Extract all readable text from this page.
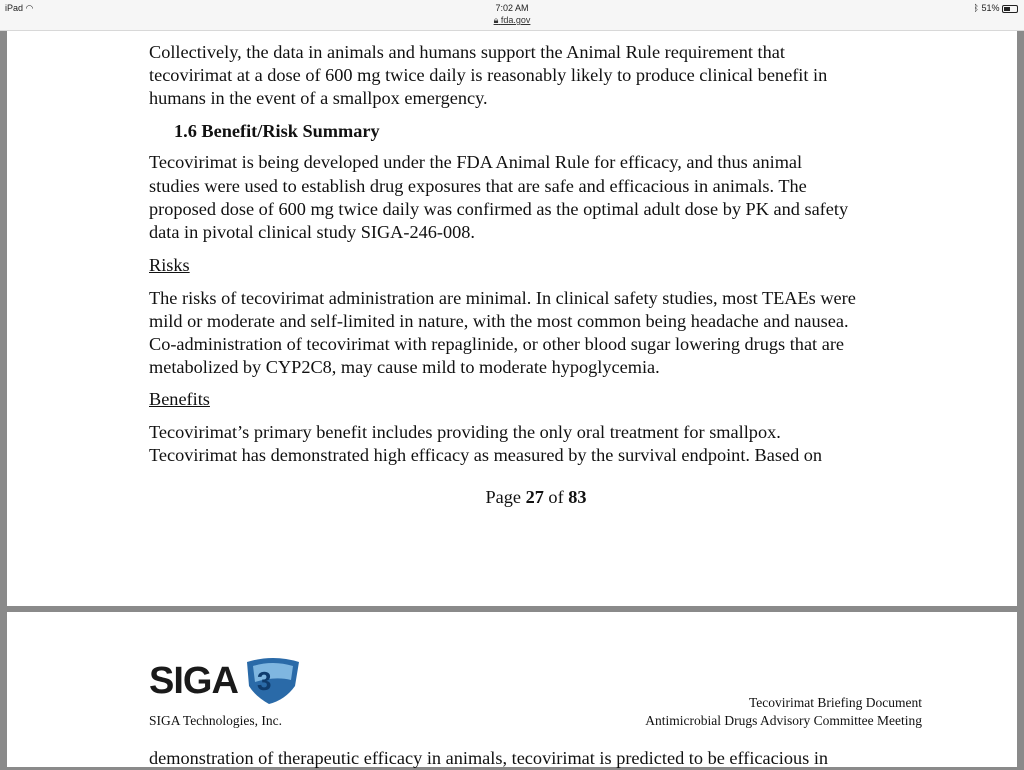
iPad ◠	7:02 AM
🔒︎ fda.gov
ᛒ 51%
Collectively, the data in animals and humans support the Animal Rule requirement that
tecovirimat at a dose of 600 mg twice daily is reasonably likely to produce clinical benefit in
humans in the event of a smallpox emergency.
1.6 Benefit/Risk Summary
Tecovirimat is being developed under the FDA Animal Rule for efficacy, and thus animal
studies were used to establish drug exposures that are safe and efficacious in animals. The
proposed dose of 600 mg twice daily was confirmed as the optimal adult dose by PK and safety
data in pivotal clinical study SIGA-246-008.
Risks
The risks of tecovirimat administration are minimal. In clinical safety studies, most TEAEs were
mild or moderate and self-limited in nature, with the most common being headache and nausea.
Co-administration of tecovirimat with repaglinide, or other blood sugar lowering drugs that are
metabolized by CYP2C8, may cause mild to moderate hypoglycemia.
Benefits
Tecovirimat’s primary benefit includes providing the only oral treatment for smallpox.
Tecovirimat has demonstrated high efficacy as measured by the survival endpoint. Based on
Page 27 of 83
SIGA 3
SIGA Technologies, Inc.
Tecovirimat Briefing Document
Antimicrobial Drugs Advisory Committee Meeting
demonstration of therapeutic efficacy in animals, tecovirimat is predicted to be efficacious in
